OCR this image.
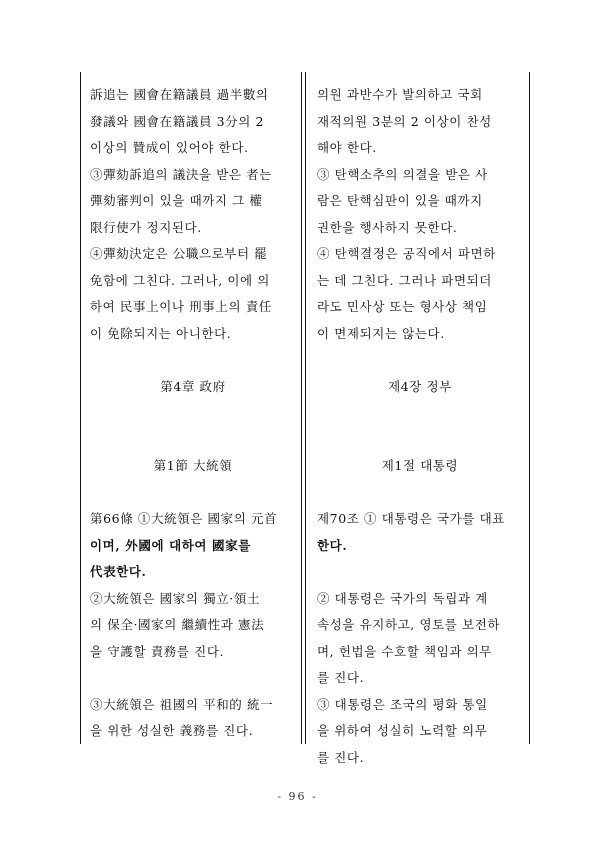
訴追는 國會在籍議員 過半數의
發議와 國會在籍議員 3分의 2
이상의 贊成이 있어야 한다.
③彈劾訴追의 議決을 받은 者는
彈劾審判이 있을 때까지 그 權
限行使가 정지된다.
④彈劾決定은 公職으로부터 罷
免함에 그친다. 그러나, 이에 의
하여 民事上이나 刑事上의 責任
이 免除되지는 아니한다.
第4章 政府
第1節 大統領
第66條 ①大統領은 國家의 元首
이며, 外國에 대하여 國家를
代表한다.
②大統領은 國家의 獨立·領土
의 保全·國家의 繼續性과 憲法
을 守護할 責務를 진다.
③大統領은 祖國의 平和的 統一
을 위한 성실한 義務를 진다.
의원 과반수가 발의하고 국회
재적의원 3분의 2 이상이 찬성
해야 한다.
③ 탄핵소추의 의결을 받은 사
람은 탄핵심판이 있을 때까지
권한을 행사하지 못한다.
④ 탄핵결정은 공직에서 파면하
는 데 그친다. 그러나 파면되더
라도 민사상 또는 형사상 책임
이 면제되지는 않는다.
제4장 정부
제1절 대통령
제70조 ① 대통령은 국가를 대표
한다.
② 대통령은 국가의 독립과 계
속성을 유지하고, 영토를 보전하
며, 헌법을 수호할 책임과 의무
를 진다.
③ 대통령은 조국의 평화 통일
을 위하여 성실히 노력할 의무
를 진다.
- 96 -
